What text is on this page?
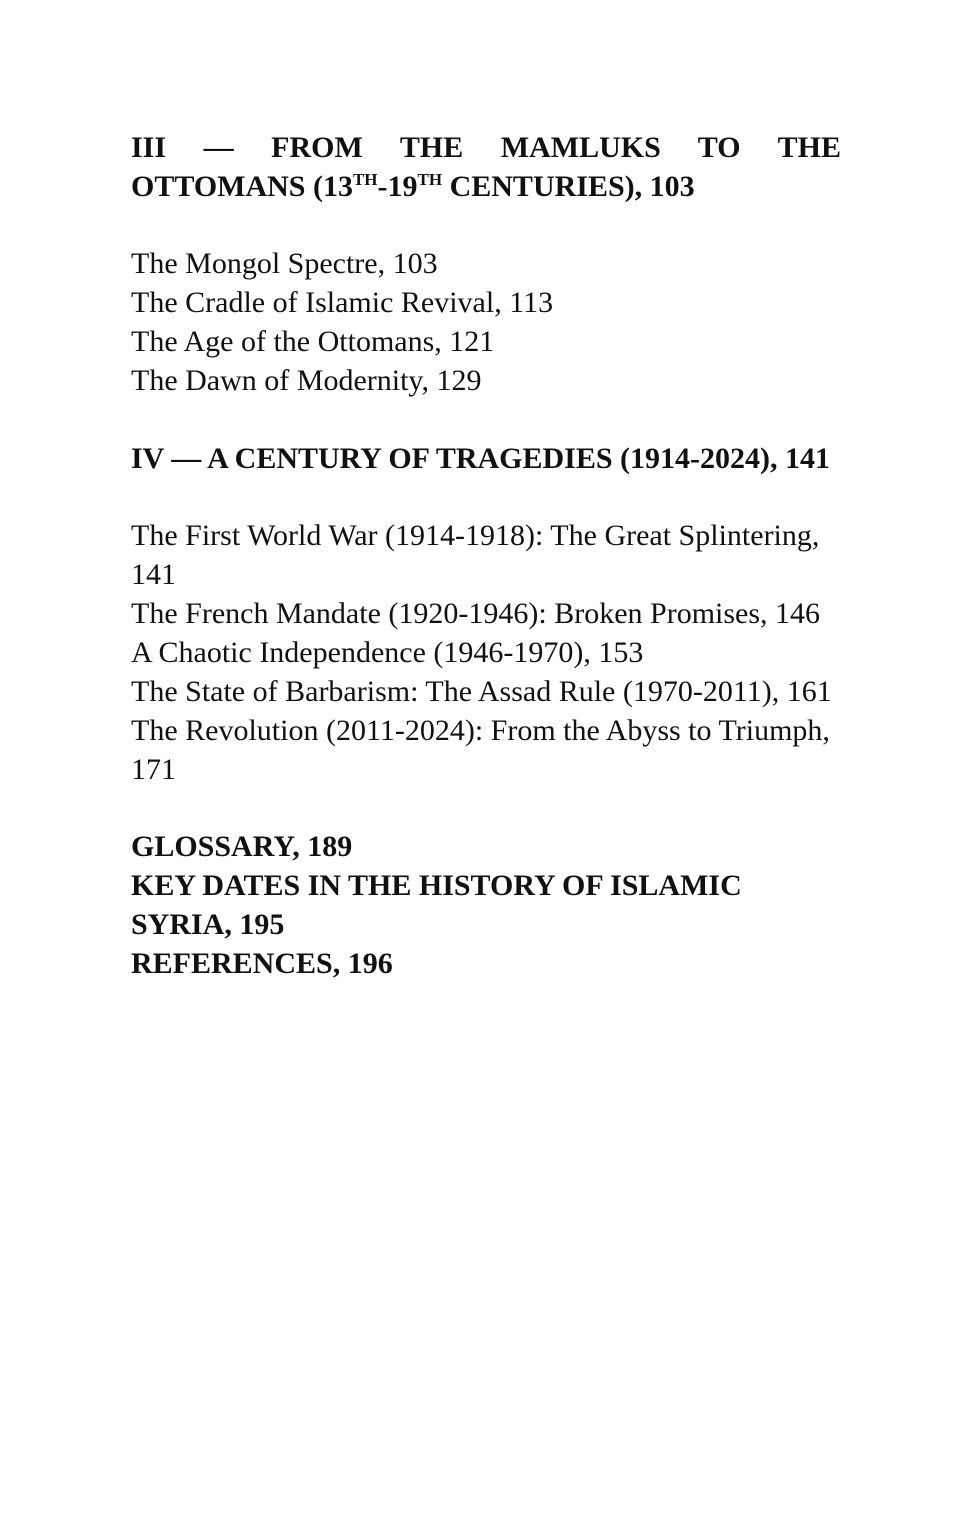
III — FROM THE MAMLUKS TO THE OTTOMANS (13TH-19TH CENTURIES), 103

The Mongol Spectre, 103
The Cradle of Islamic Revival, 113
The Age of the Ottomans, 121
The Dawn of Modernity, 129

IV — A CENTURY OF TRAGEDIES (1914-2024), 141

The First World War (1914-1918): The Great Splintering, 141
The French Mandate (1920-1946): Broken Promises, 146
A Chaotic Independence (1946-1970), 153
The State of Barbarism: The Assad Rule (1970-2011), 161
The Revolution (2011-2024): From the Abyss to Triumph, 171
GLOSSARY, 189
KEY DATES IN THE HISTORY OF ISLAMIC SYRIA, 195
REFERENCES, 196
